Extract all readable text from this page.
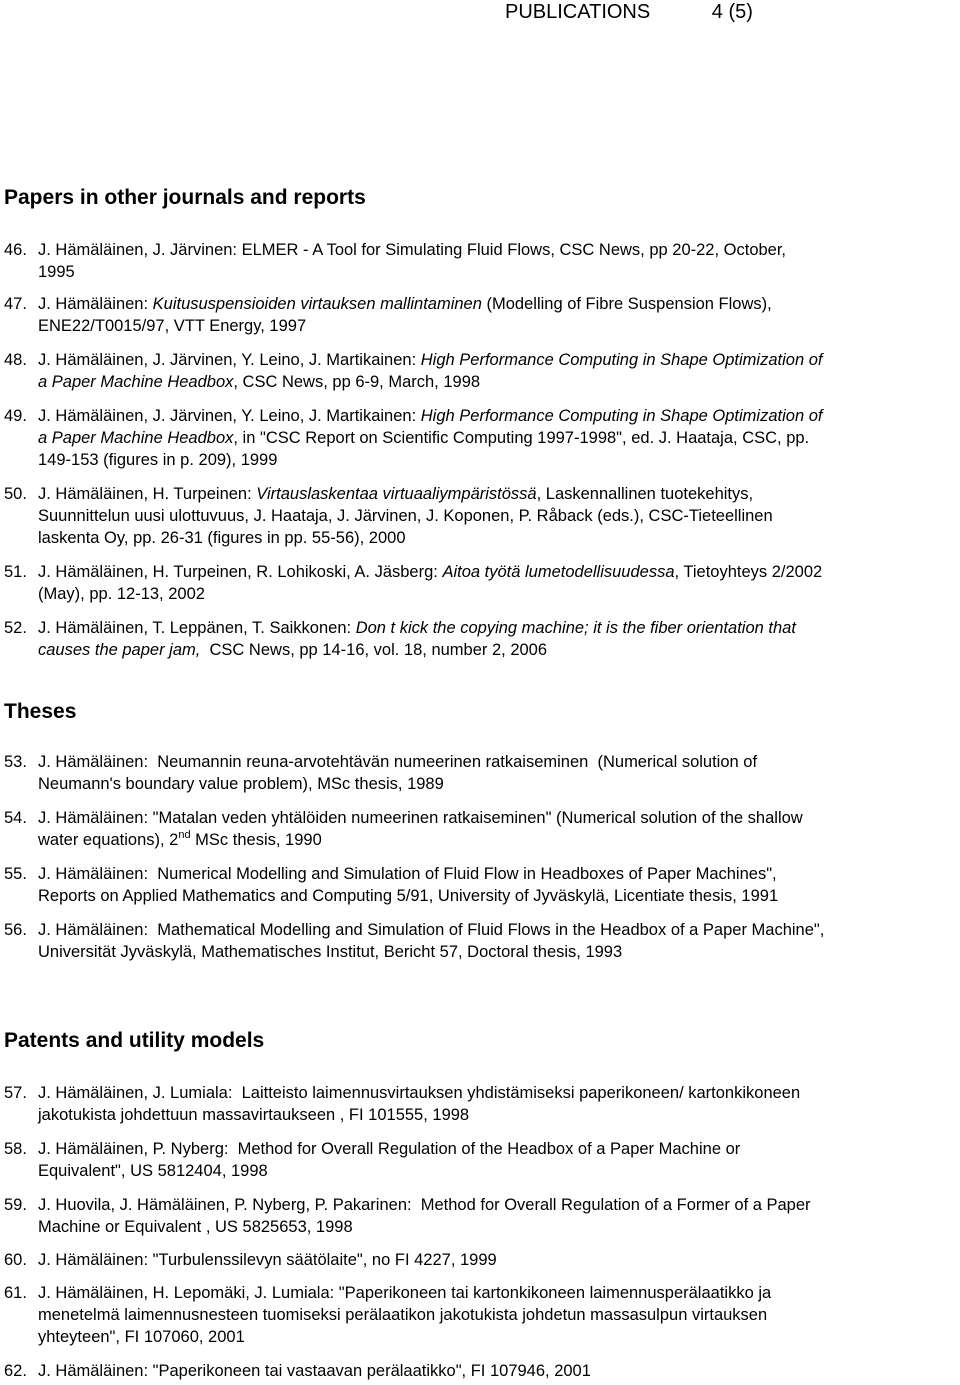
PUBLICATIONS	4 (5)
Papers in other journals and reports
46. J. Hämäläinen, J. Järvinen: ELMER - A Tool for Simulating Fluid Flows, CSC News, pp 20-22, October,
1995
47. J. Hämäläinen: Kuitususpensioiden virtauksen mallintaminen (Modelling of Fibre Suspension Flows),
ENE22/T0015/97, VTT Energy, 1997
48. J. Hämäläinen, J. Järvinen, Y. Leino, J. Martikainen: High Performance Computing in Shape Optimization of
a Paper Machine Headbox, CSC News, pp 6-9, March, 1998
49. J. Hämäläinen, J. Järvinen, Y. Leino, J. Martikainen: High Performance Computing in Shape Optimization of
a Paper Machine Headbox, in "CSC Report on Scientific Computing 1997-1998", ed. J. Haataja, CSC, pp.
149-153 (figures in p. 209), 1999
50. J. Hämäläinen, H. Turpeinen: Virtauslaskentaa virtuaaliympäristössä, Laskennallinen tuotekehitys,
Suunnittelun uusi ulottuvuus, J. Haataja, J. Järvinen, J. Koponen, P. Råback (eds.), CSC-Tieteellinen
laskenta Oy, pp. 26-31 (figures in pp. 55-56), 2000
51. J. Hämäläinen, H. Turpeinen, R. Lohikoski, A. Jäsberg: Aitoa työtä lumetodellisuudessa, Tietoyhteys 2/2002
(May), pp. 12-13, 2002
52. J. Hämäläinen, T. Leppänen, T. Saikkonen: Don t kick the copying machine; it is the fiber orientation that
causes the paper jam,  CSC News, pp 14-16, vol. 18, number 2, 2006
Theses
53. J. Hämäläinen:  Neumannin reuna-arvotehtävän numeerinen ratkaiseminen  (Numerical solution of
Neumann's boundary value problem), MSc thesis, 1989
54. J. Hämäläinen: "Matalan veden yhtälöiden numeerinen ratkaiseminen" (Numerical solution of the shallow
water equations), 2nd MSc thesis, 1990
55. J. Hämäläinen:  Numerical Modelling and Simulation of Fluid Flow in Headboxes of Paper Machines",
Reports on Applied Mathematics and Computing 5/91, University of Jyväskylä, Licentiate thesis, 1991
56. J. Hämäläinen:  Mathematical Modelling and Simulation of Fluid Flows in the Headbox of a Paper Machine",
Universität Jyväskylä, Mathematisches Institut, Bericht 57, Doctoral thesis, 1993
Patents and utility models
57. J. Hämäläinen, J. Lumiala:  Laitteisto laimennusvirtauksen yhdistämiseksi paperikoneen/ kartonkikoneen
jakotukista johdettuun massavirtaukseen , FI 101555, 1998
58. J. Hämäläinen, P. Nyberg:  Method for Overall Regulation of the Headbox of a Paper Machine or
Equivalent", US 5812404, 1998
59. J. Huovila, J. Hämäläinen, P. Nyberg, P. Pakarinen:  Method for Overall Regulation of a Former of a Paper
Machine or Equivalent , US 5825653, 1998
60. J. Hämäläinen: "Turbulenssilevyn säätölaite", no FI 4227, 1999
61. J. Hämäläinen, H. Lepomäki, J. Lumiala: "Paperikoneen tai kartonkikoneen laimennusperälaatikko ja
menetelmä laimennusnesteen tuomiseksi perälaatikon jakotukista johdetun massasulpun virtauksen
yhteyteen", FI 107060, 2001
62. J. Hämäläinen: "Paperikoneen tai vastaavan perälaatikko", FI 107946, 2001
